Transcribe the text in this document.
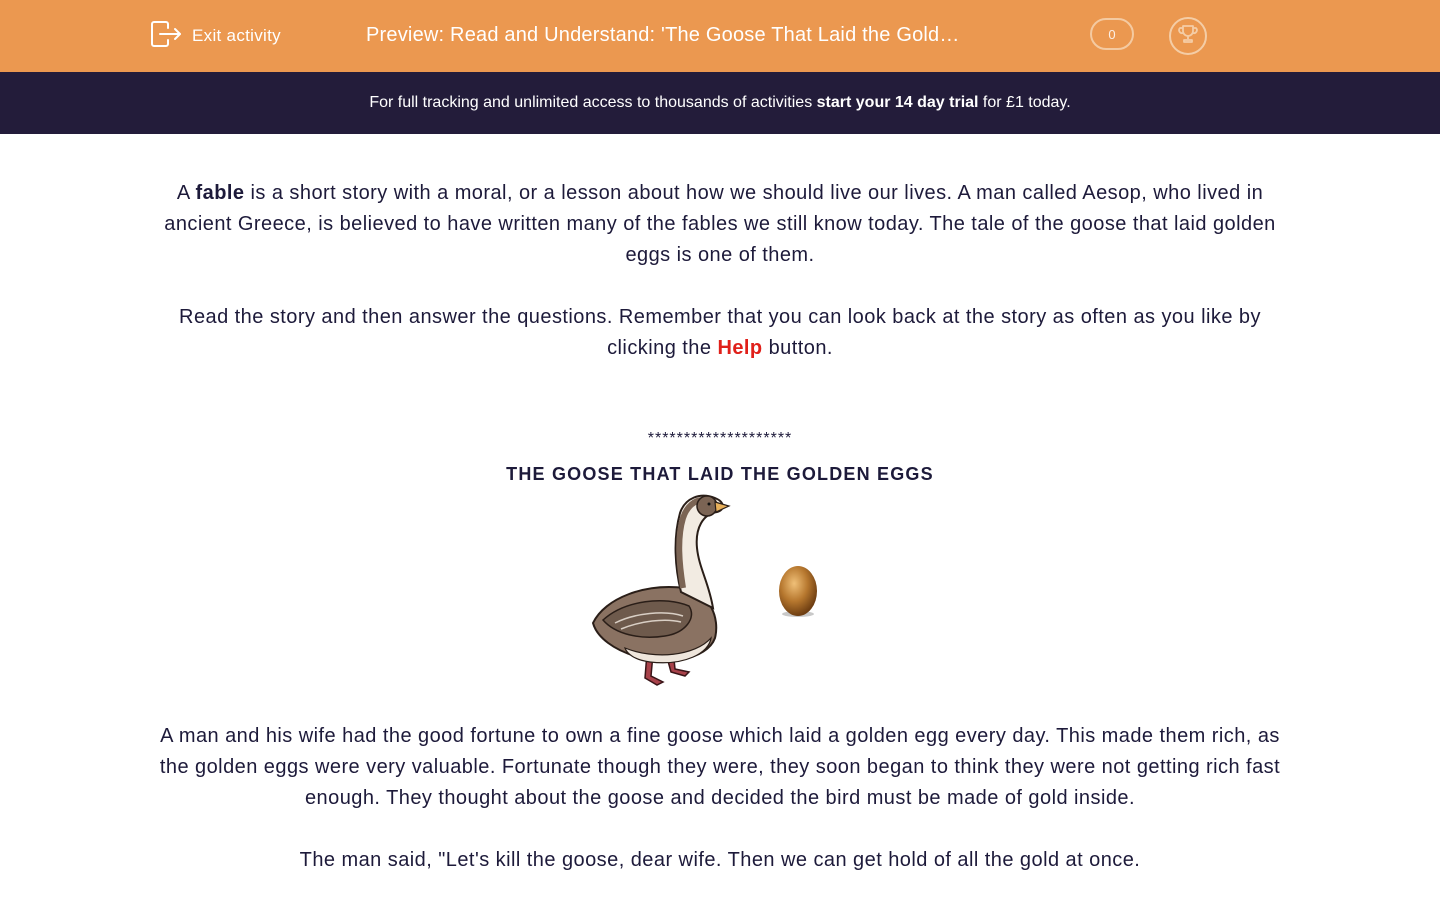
Exit activity	Preview: Read and Understand: 'The Goose That Laid the Gold…	0
For full tracking and unlimited access to thousands of activities start your 14 day trial for £1 today.

A fable is a short story with a moral, or a lesson about how we should live our lives. A man called Aesop, who lived in ancient Greece, is believed to have written many of the fables we still know today. The tale of the goose that laid golden eggs is one of them.

Read the story and then answer the questions. Remember that you can look back at the story as often as you like by clicking the Help button.

********************
THE GOOSE THAT LAID THE GOLDEN EGGS

A man and his wife had the good fortune to own a fine goose which laid a golden egg every day. This made them rich, as the golden eggs were very valuable. Fortunate though they were, they soon began to think they were not getting rich fast enough. They thought about the goose and decided the bird must be made of gold inside.

The man said, "Let's kill the goose, dear wife. Then we can get hold of all the gold at once.
